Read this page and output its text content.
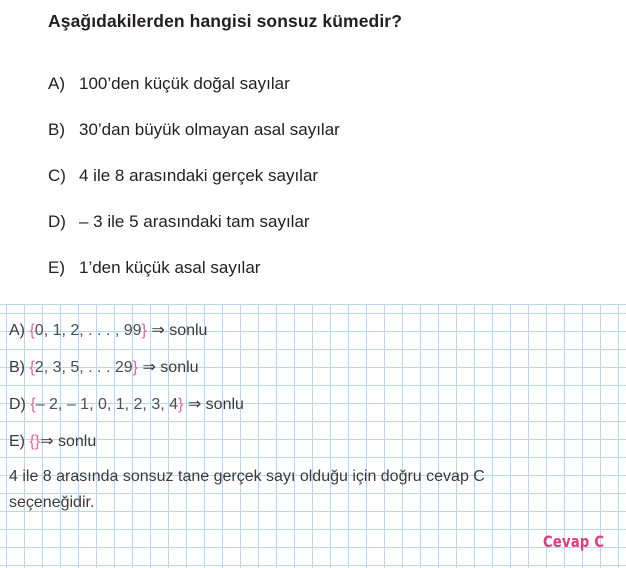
Aşağıdakilerden hangisi sonsuz kümedir?
A) 100’den küçük doğal sayılar
B) 30’dan büyük olmayan asal sayılar
C) 4 ile 8 arasındaki gerçek sayılar
D) – 3 ile 5 arasındaki tam sayılar
E) 1’den küçük asal sayılar
A) {0, 1, 2, . . . , 99} ⇒ sonlu
B) {2, 3, 5, . . . 29} ⇒ sonlu
D) {– 2, – 1, 0, 1, 2, 3, 4} ⇒ sonlu
E) {}⇒ sonlu
4 ile 8 arasında sonsuz tane gerçek sayı olduğu için doğru cevap C
seçeneğidir.
Cevap C
